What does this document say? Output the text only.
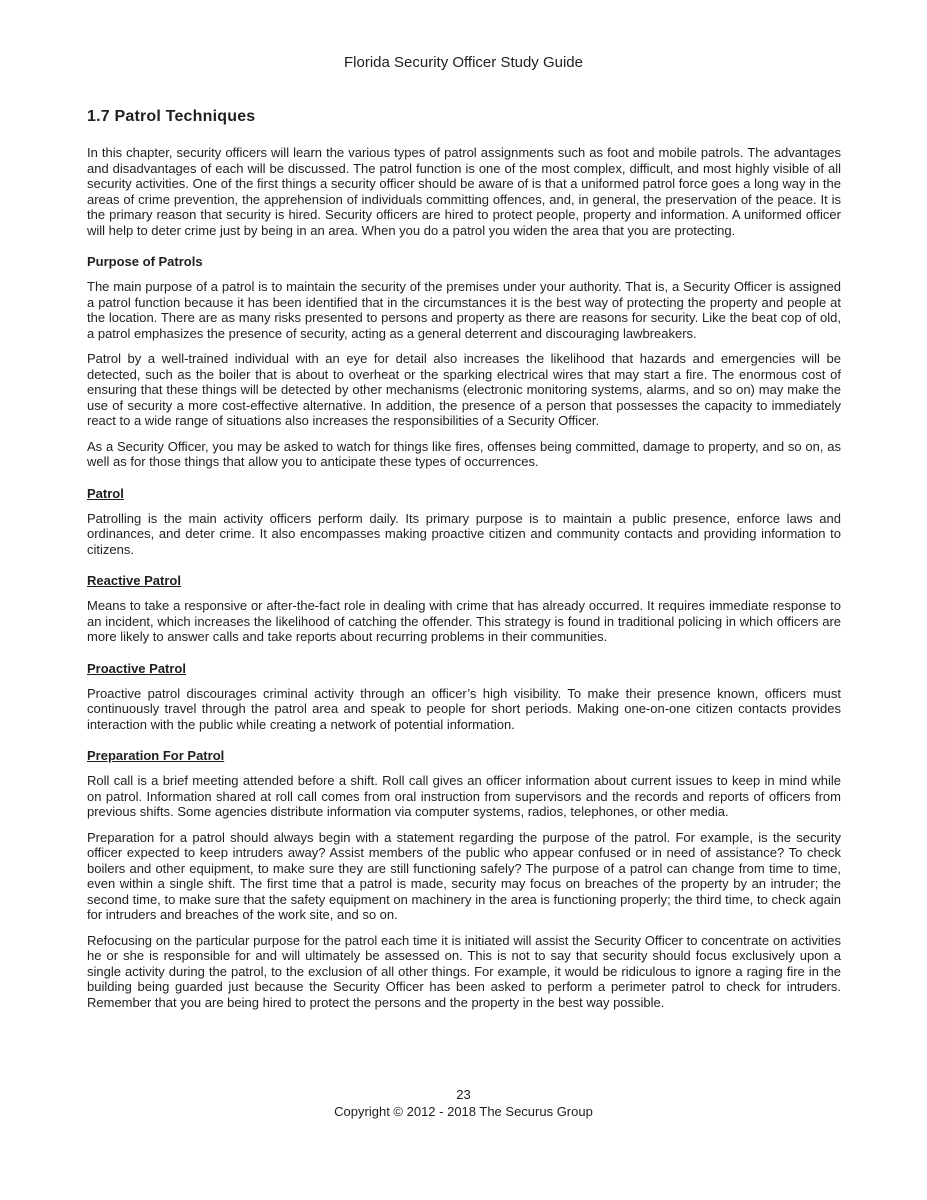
Florida Security Officer Study Guide
1.7 Patrol Techniques

In this chapter, security officers will learn the various types of patrol assignments such as foot and mobile patrols. The advantages and disadvantages of each will be discussed. The patrol function is one of the most complex, difficult, and most highly visible of all security activities. One of the first things a security officer should be aware of is that a uniformed patrol force goes a long way in the areas of crime prevention, the apprehension of individuals committing offences, and, in general, the preservation of the peace. It is the primary reason that security is hired. Security officers are hired to protect people, property and information. A uniformed officer will help to deter crime just by being in an area. When you do a patrol you widen the area that you are protecting.

Purpose of Patrols

The main purpose of a patrol is to maintain the security of the premises under your authority. That is, a Security Officer is assigned a patrol function because it has been identified that in the circumstances it is the best way of protecting the property and people at the location. There are as many risks presented to persons and property as there are reasons for security. Like the beat cop of old, a patrol emphasizes the presence of security, acting as a general deterrent and discouraging lawbreakers.

Patrol by a well-trained individual with an eye for detail also increases the likelihood that hazards and emergencies will be detected, such as the boiler that is about to overheat or the sparking electrical wires that may start a fire. The enormous cost of ensuring that these things will be detected by other mechanisms (electronic monitoring systems, alarms, and so on) may make the use of security a more cost-effective alternative. In addition, the presence of a person that possesses the capacity to immediately react to a wide range of situations also increases the responsibilities of a Security Officer.

As a Security Officer, you may be asked to watch for things like fires, offenses being committed, damage to property, and so on, as well as for those things that allow you to anticipate these types of occurrences.

Patrol

Patrolling is the main activity officers perform daily. Its primary purpose is to maintain a public presence, enforce laws and ordinances, and deter crime. It also encompasses making proactive citizen and community contacts and providing information to citizens.

Reactive Patrol

Means to take a responsive or after-the-fact role in dealing with crime that has already occurred. It requires immediate response to an incident, which increases the likelihood of catching the offender. This strategy is found in traditional policing in which officers are more likely to answer calls and take reports about recurring problems in their communities.

Proactive Patrol

Proactive patrol discourages criminal activity through an officer’s high visibility. To make their presence known, officers must continuously travel through the patrol area and speak to people for short periods. Making one-on-one citizen contacts provides interaction with the public while creating a network of potential information.

Preparation For Patrol

Roll call is a brief meeting attended before a shift. Roll call gives an officer information about current issues to keep in mind while on patrol. Information shared at roll call comes from oral instruction from supervisors and the records and reports of officers from previous shifts. Some agencies distribute information via computer systems, radios, telephones, or other media.

Preparation for a patrol should always begin with a statement regarding the purpose of the patrol. For example, is the security officer expected to keep intruders away? Assist members of the public who appear confused or in need of assistance? To check boilers and other equipment, to make sure they are still functioning safely? The purpose of a patrol can change from time to time, even within a single shift. The first time that a patrol is made, security may focus on breaches of the property by an intruder; the second time, to make sure that the safety equipment on machinery in the area is functioning properly; the third time, to check again for intruders and breaches of the work site, and so on.

Refocusing on the particular purpose for the patrol each time it is initiated will assist the Security Officer to concentrate on activities he or she is responsible for and will ultimately be assessed on. This is not to say that security should focus exclusively upon a single activity during the patrol, to the exclusion of all other things. For example, it would be ridiculous to ignore a raging fire in the building being guarded just because the Security Officer has been asked to perform a perimeter patrol to check for intruders. Remember that you are being hired to protect the persons and the property in the best way possible.

23
Copyright © 2012 - 2018 The Securus Group
